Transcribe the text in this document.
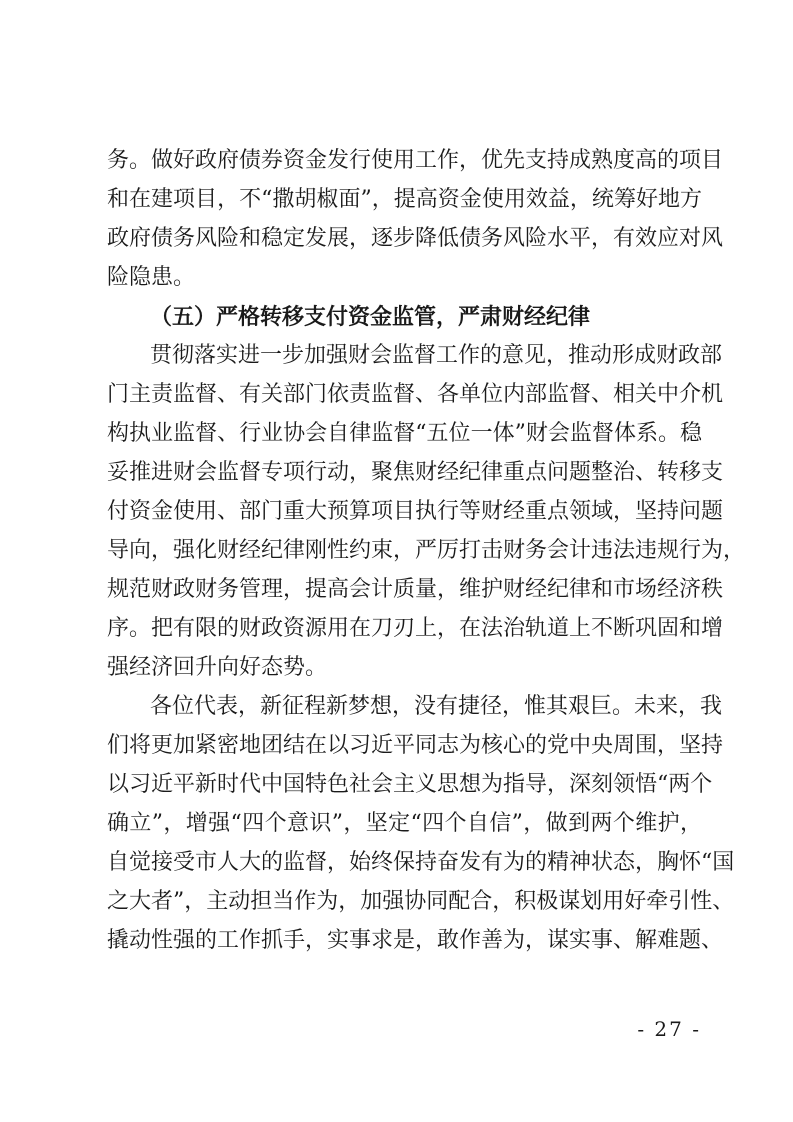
务。做好政府债券资金发行使用工作，优先支持成熟度高的项目
和在建项目，不“撒胡椒面”，提高资金使用效益，统筹好地方
政府债务风险和稳定发展，逐步降低债务风险水平，有效应对风
险隐患。
（五）严格转移支付资金监管，严肃财经纪律
贯彻落实进一步加强财会监督工作的意见，推动形成财政部
门主责监督、有关部门依责监督、各单位内部监督、相关中介机
构执业监督、行业协会自律监督“五位一体”财会监督体系。稳
妥推进财会监督专项行动，聚焦财经纪律重点问题整治、转移支
付资金使用、部门重大预算项目执行等财经重点领域，坚持问题
导向，强化财经纪律刚性约束，严厉打击财务会计违法违规行为，
规范财政财务管理，提高会计质量，维护财经纪律和市场经济秩
序。把有限的财政资源用在刀刃上，在法治轨道上不断巩固和增
强经济回升向好态势。
各位代表，新征程新梦想，没有捷径，惟其艰巨。未来，我
们将更加紧密地团结在以习近平同志为核心的党中央周围，坚持
以习近平新时代中国特色社会主义思想为指导，深刻领悟“两个
确立”，增强“四个意识”，坚定“四个自信”，做到两个维护，
自觉接受市人大的监督，始终保持奋发有为的精神状态，胸怀“国
之大者”，主动担当作为，加强协同配合，积极谋划用好牵引性、
撬动性强的工作抓手，实事求是，敢作善为，谋实事、解难题、
- 27 -
